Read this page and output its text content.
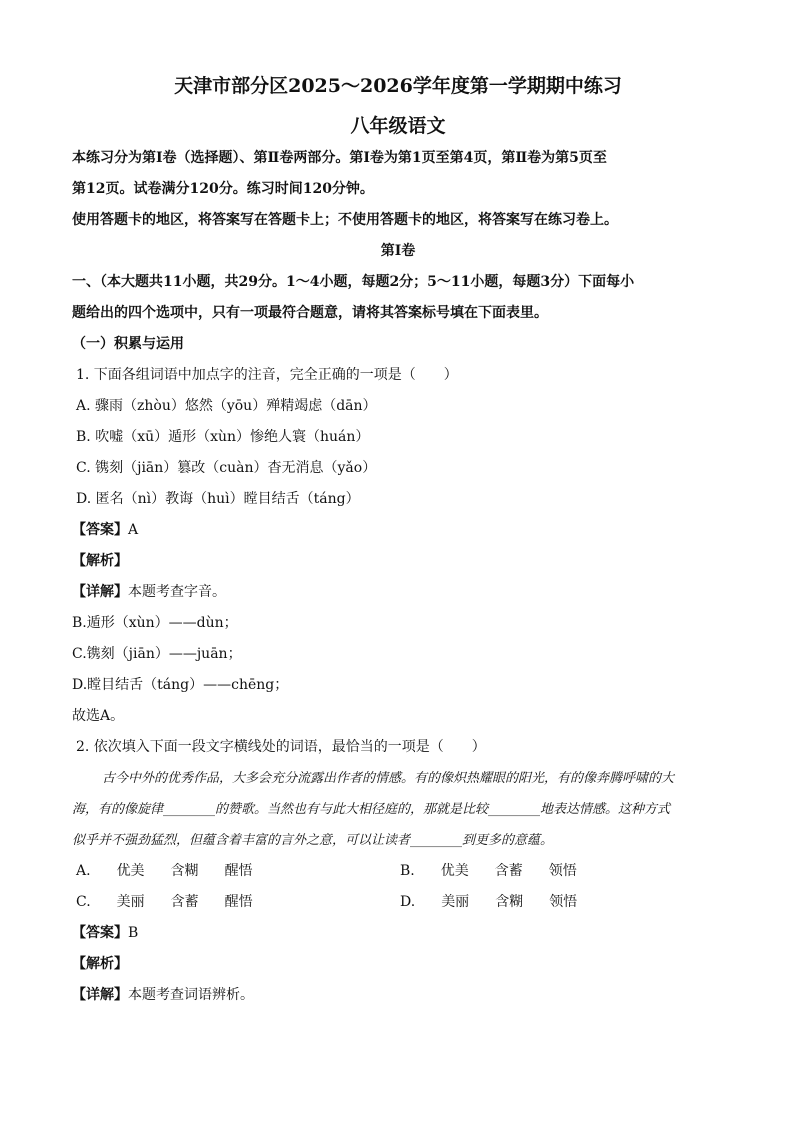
天津市部分区2025～2026学年度第一学期期中练习

八年级语文

本练习分为第Ⅰ卷（选择题）、第Ⅱ卷两部分。第Ⅰ卷为第1页至第4页，第Ⅱ卷为第5页至

第12页。试卷满分120分。练习时间120分钟。

使用答题卡的地区，将答案写在答题卡上；不使用答题卡的地区，将答案写在练习卷上。

第Ⅰ卷

一、（本大题共11小题，共29分。1～4小题，每题2分；5～11小题，每题3分）下面每小

题给出的四个选项中，只有一项最符合题意，请将其答案标号填在下面表里。

（一）积累与运用

1. 下面各组词语中加点字的注音，完全正确的一项是（　　）

A. 骤雨（zhòu）悠然（yōu）殚精竭虑（dān）

B. 吹嘘（xū）遁形（xùn）惨绝人寰（huán）

C. 镌刻（jiān）篡改（cuàn）杳无消息（yǎo）

D. 匿名（nì）教诲（huì）瞠目结舌（táng）

【答案】A

【解析】

【详解】本题考查字音。

B.遁形（xùn）——dùn；

C.镌刻（jiān）——juān；

D.瞠目结舌（táng）——chēng；

故选A。

2. 依次填入下面一段文字横线处的词语，最恰当的一项是（　　）

古今中外的优秀作品，大多会充分流露出作者的情感。有的像炽热耀眼的阳光，有的像奔腾呼啸的大

海，有的像旋律________的赞歌。当然也有与此大相径庭的，那就是比较________地表达情感。这种方式

似乎并不强劲猛烈，但蕴含着丰富的言外之意，可以让读者________到更多的意蕴。

A. 优美 含糊 醒悟	B. 优美 含蓄 领悟
C. 美丽 含蓄 醒悟	D. 美丽 含糊 领悟

【答案】B

【解析】

【详解】本题考查词语辨析。
